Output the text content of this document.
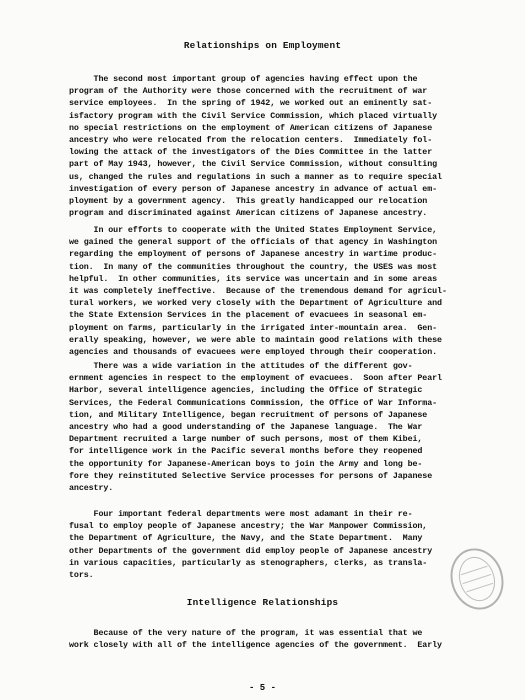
Relationships on Employment
The second most important group of agencies having effect upon the
program of the Authority were those concerned with the recruitment of war
service employees.  In the spring of 1942, we worked out an eminently sat-
isfactory program with the Civil Service Commission, which placed virtually
no special restrictions on the employment of American citizens of Japanese
ancestry who were relocated from the relocation centers.  Immediately fol-
lowing the attack of the investigators of the Dies Committee in the latter
part of May 1943, however, the Civil Service Commission, without consulting
us, changed the rules and regulations in such a manner as to require special
investigation of every person of Japanese ancestry in advance of actual em-
ployment by a government agency.  This greatly handicapped our relocation
program and discriminated against American citizens of Japanese ancestry.
In our efforts to cooperate with the United States Employment Service,
we gained the general support of the officials of that agency in Washington
regarding the employment of persons of Japanese ancestry in wartime produc-
tion.  In many of the communities throughout the country, the USES was most
helpful.  In other communities, its service was uncertain and in some areas
it was completely ineffective.  Because of the tremendous demand for agricul-
tural workers, we worked very closely with the Department of Agriculture and
the State Extension Services in the placement of evacuees in seasonal em-
ployment on farms, particularly in the irrigated inter-mountain area.  Gen-
erally speaking, however, we were able to maintain good relations with these
agencies and thousands of evacuees were employed through their cooperation.
There was a wide variation in the attitudes of the different gov-
ernment agencies in respect to the employment of evacuees.  Soon after Pearl
Harbor, several intelligence agencies, including the Office of Strategic
Services, the Federal Communications Commission, the Office of War Informa-
tion, and Military Intelligence, began recruitment of persons of Japanese
ancestry who had a good understanding of the Japanese language.  The War
Department recruited a large number of such persons, most of them Kibei,
for intelligence work in the Pacific several months before they reopened
the opportunity for Japanese-American boys to join the Army and long be-
fore they reinstituted Selective Service processes for persons of Japanese
ancestry.
Four important federal departments were most adamant in their re-
fusal to employ people of Japanese ancestry; the War Manpower Commission,
the Department of Agriculture, the Navy, and the State Department.  Many
other Departments of the government did employ people of Japanese ancestry
in various capacities, particularly as stenographers, clerks, as transla-
tors.
Intelligence Relationships
Because of the very nature of the program, it was essential that we
work closely with all of the intelligence agencies of the government.  Early
- 5 -
